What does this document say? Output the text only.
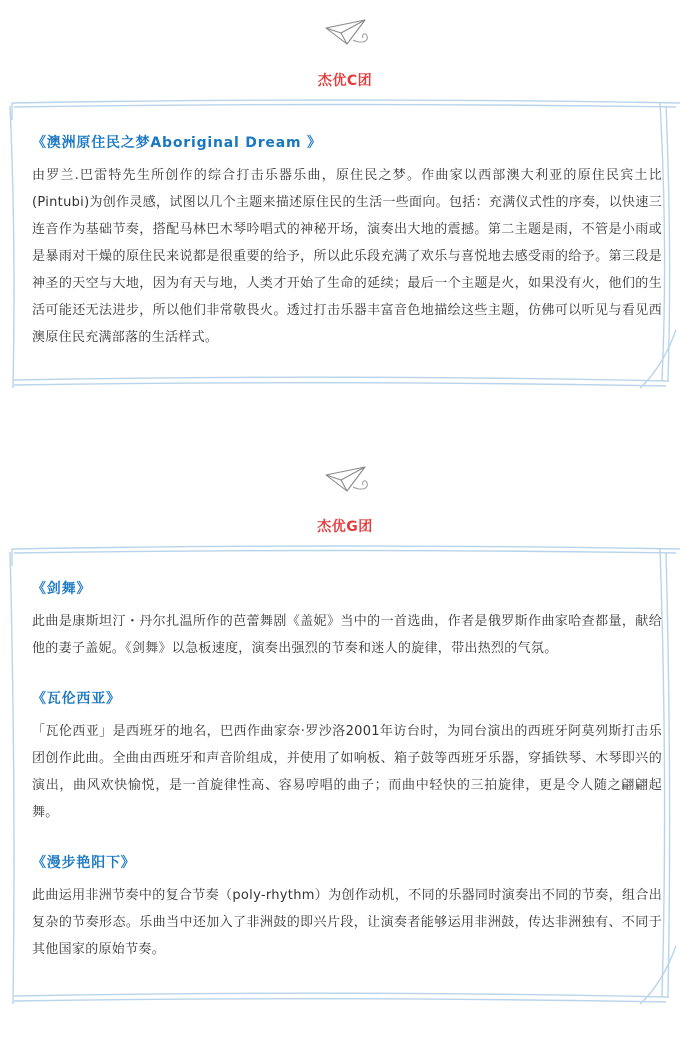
杰优C团

《澳洲原住民之梦Aboriginal Dream 》

由罗兰.巴雷特先生所创作的综合打击乐器乐曲，原住民之梦。作曲家以西部澳大利亚的原住民宾土比(Pintubi)为创作灵感，试图以几个主题来描述原住民的生活一些面向。包括：充满仪式性的序奏，以快速三连音作为基础节奏，搭配马林巴木琴吟唱式的神秘开场，演奏出大地的震撼。第二主题是雨，不管是小雨或是暴雨对干燥的原住民来说都是很重要的给予，所以此乐段充满了欢乐与喜悦地去感受雨的给予。第三段是神圣的天空与大地，因为有天与地，人类才开始了生命的延续；最后一个主题是火，如果没有火，他们的生活可能还无法进步，所以他们非常敬畏火。透过打击乐器丰富音色地描绘这些主题，仿佛可以听见与看见西澳原住民充满部落的生活样式。

杰优G团

《剑舞》

此曲是康斯坦汀・丹尔扎温所作的芭蕾舞剧《盖妮》当中的一首选曲，作者是俄罗斯作曲家哈查都量，献给他的妻子盖妮。《剑舞》以急板速度，演奏出强烈的节奏和迷人的旋律，带出热烈的气氛。

《瓦伦西亚》

「瓦伦西亚」是西班牙的地名，巴西作曲家奈·罗沙洛2001年访台时，为同台演出的西班牙阿莫列斯打击乐团创作此曲。全曲由西班牙和声音阶组成，并使用了如响板、箱子鼓等西班牙乐器，穿插铁琴、木琴即兴的演出，曲风欢快愉悦，是一首旋律性高、容易哼唱的曲子；而曲中轻快的三拍旋律，更是令人随之翩翩起舞。

《漫步艳阳下》

此曲运用非洲节奏中的复合节奏（poly-rhythm）为创作动机，不同的乐器同时演奏出不同的节奏，组合出复杂的节奏形态。乐曲当中还加入了非洲鼓的即兴片段，让演奏者能够运用非洲鼓，传达非洲独有、不同于其他国家的原始节奏。
